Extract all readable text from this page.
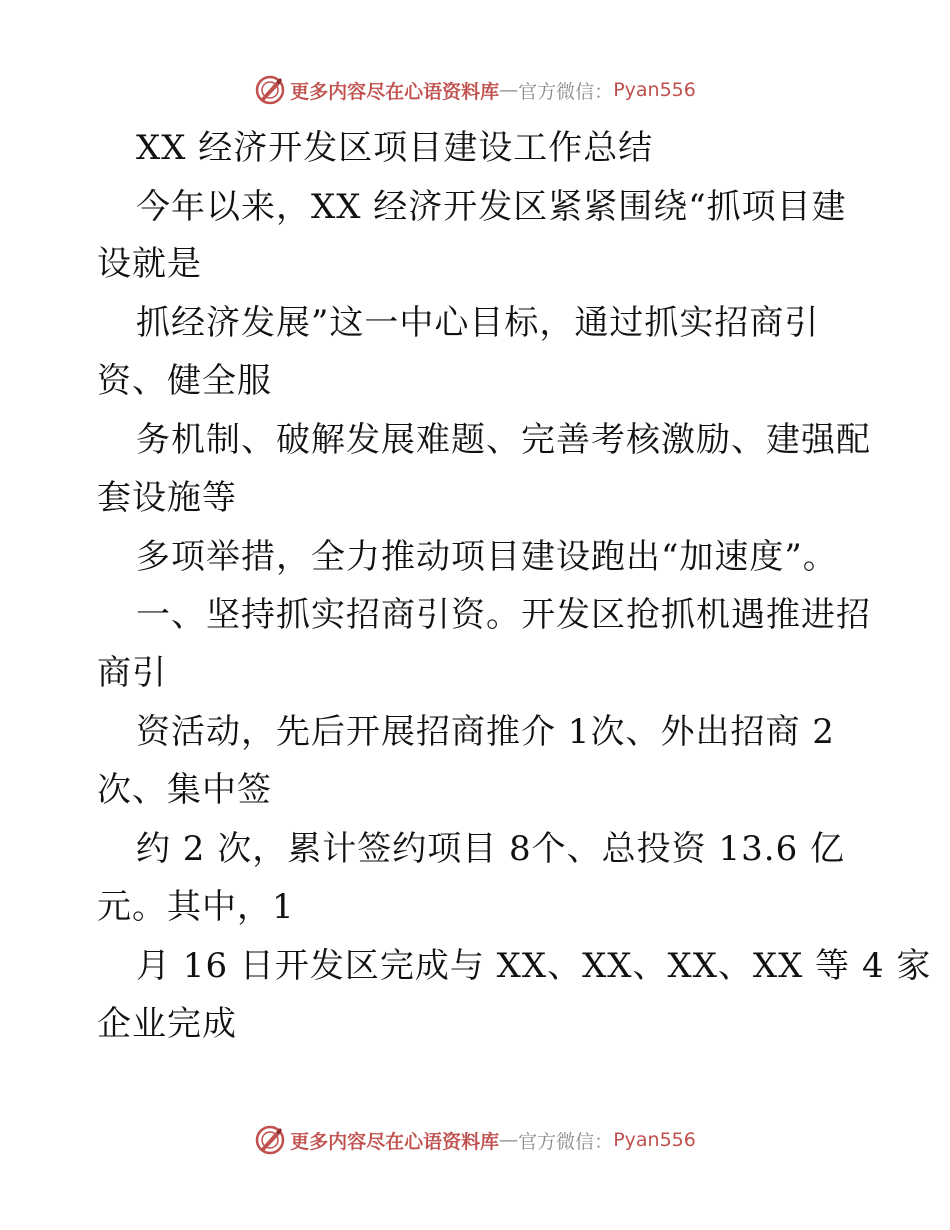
更多内容尽在心语资料库 — 官方微信： Pyan556
XX 经济开发区项目建设工作总结
今年以来，XX 经济开发区紧紧围绕“抓项目建
设就是
抓经济发展”这一中心目标，通过抓实招商引
资、健全服
务机制、破解发展难题、完善考核激励、建强配
套设施等
多项举措，全力推动项目建设跑出“加速度”。
一、坚持抓实招商引资。开发区抢抓机遇推进招
商引
资活动，先后开展招商推介 1次、外出招商 2
次、集中签
约 2 次，累计签约项目 8个、总投资 13.6 亿
元。其中，1
月 16 日开发区完成与 XX、XX、XX、XX 等 4 家
企业完成
更多内容尽在心语资料库 — 官方微信： Pyan556
